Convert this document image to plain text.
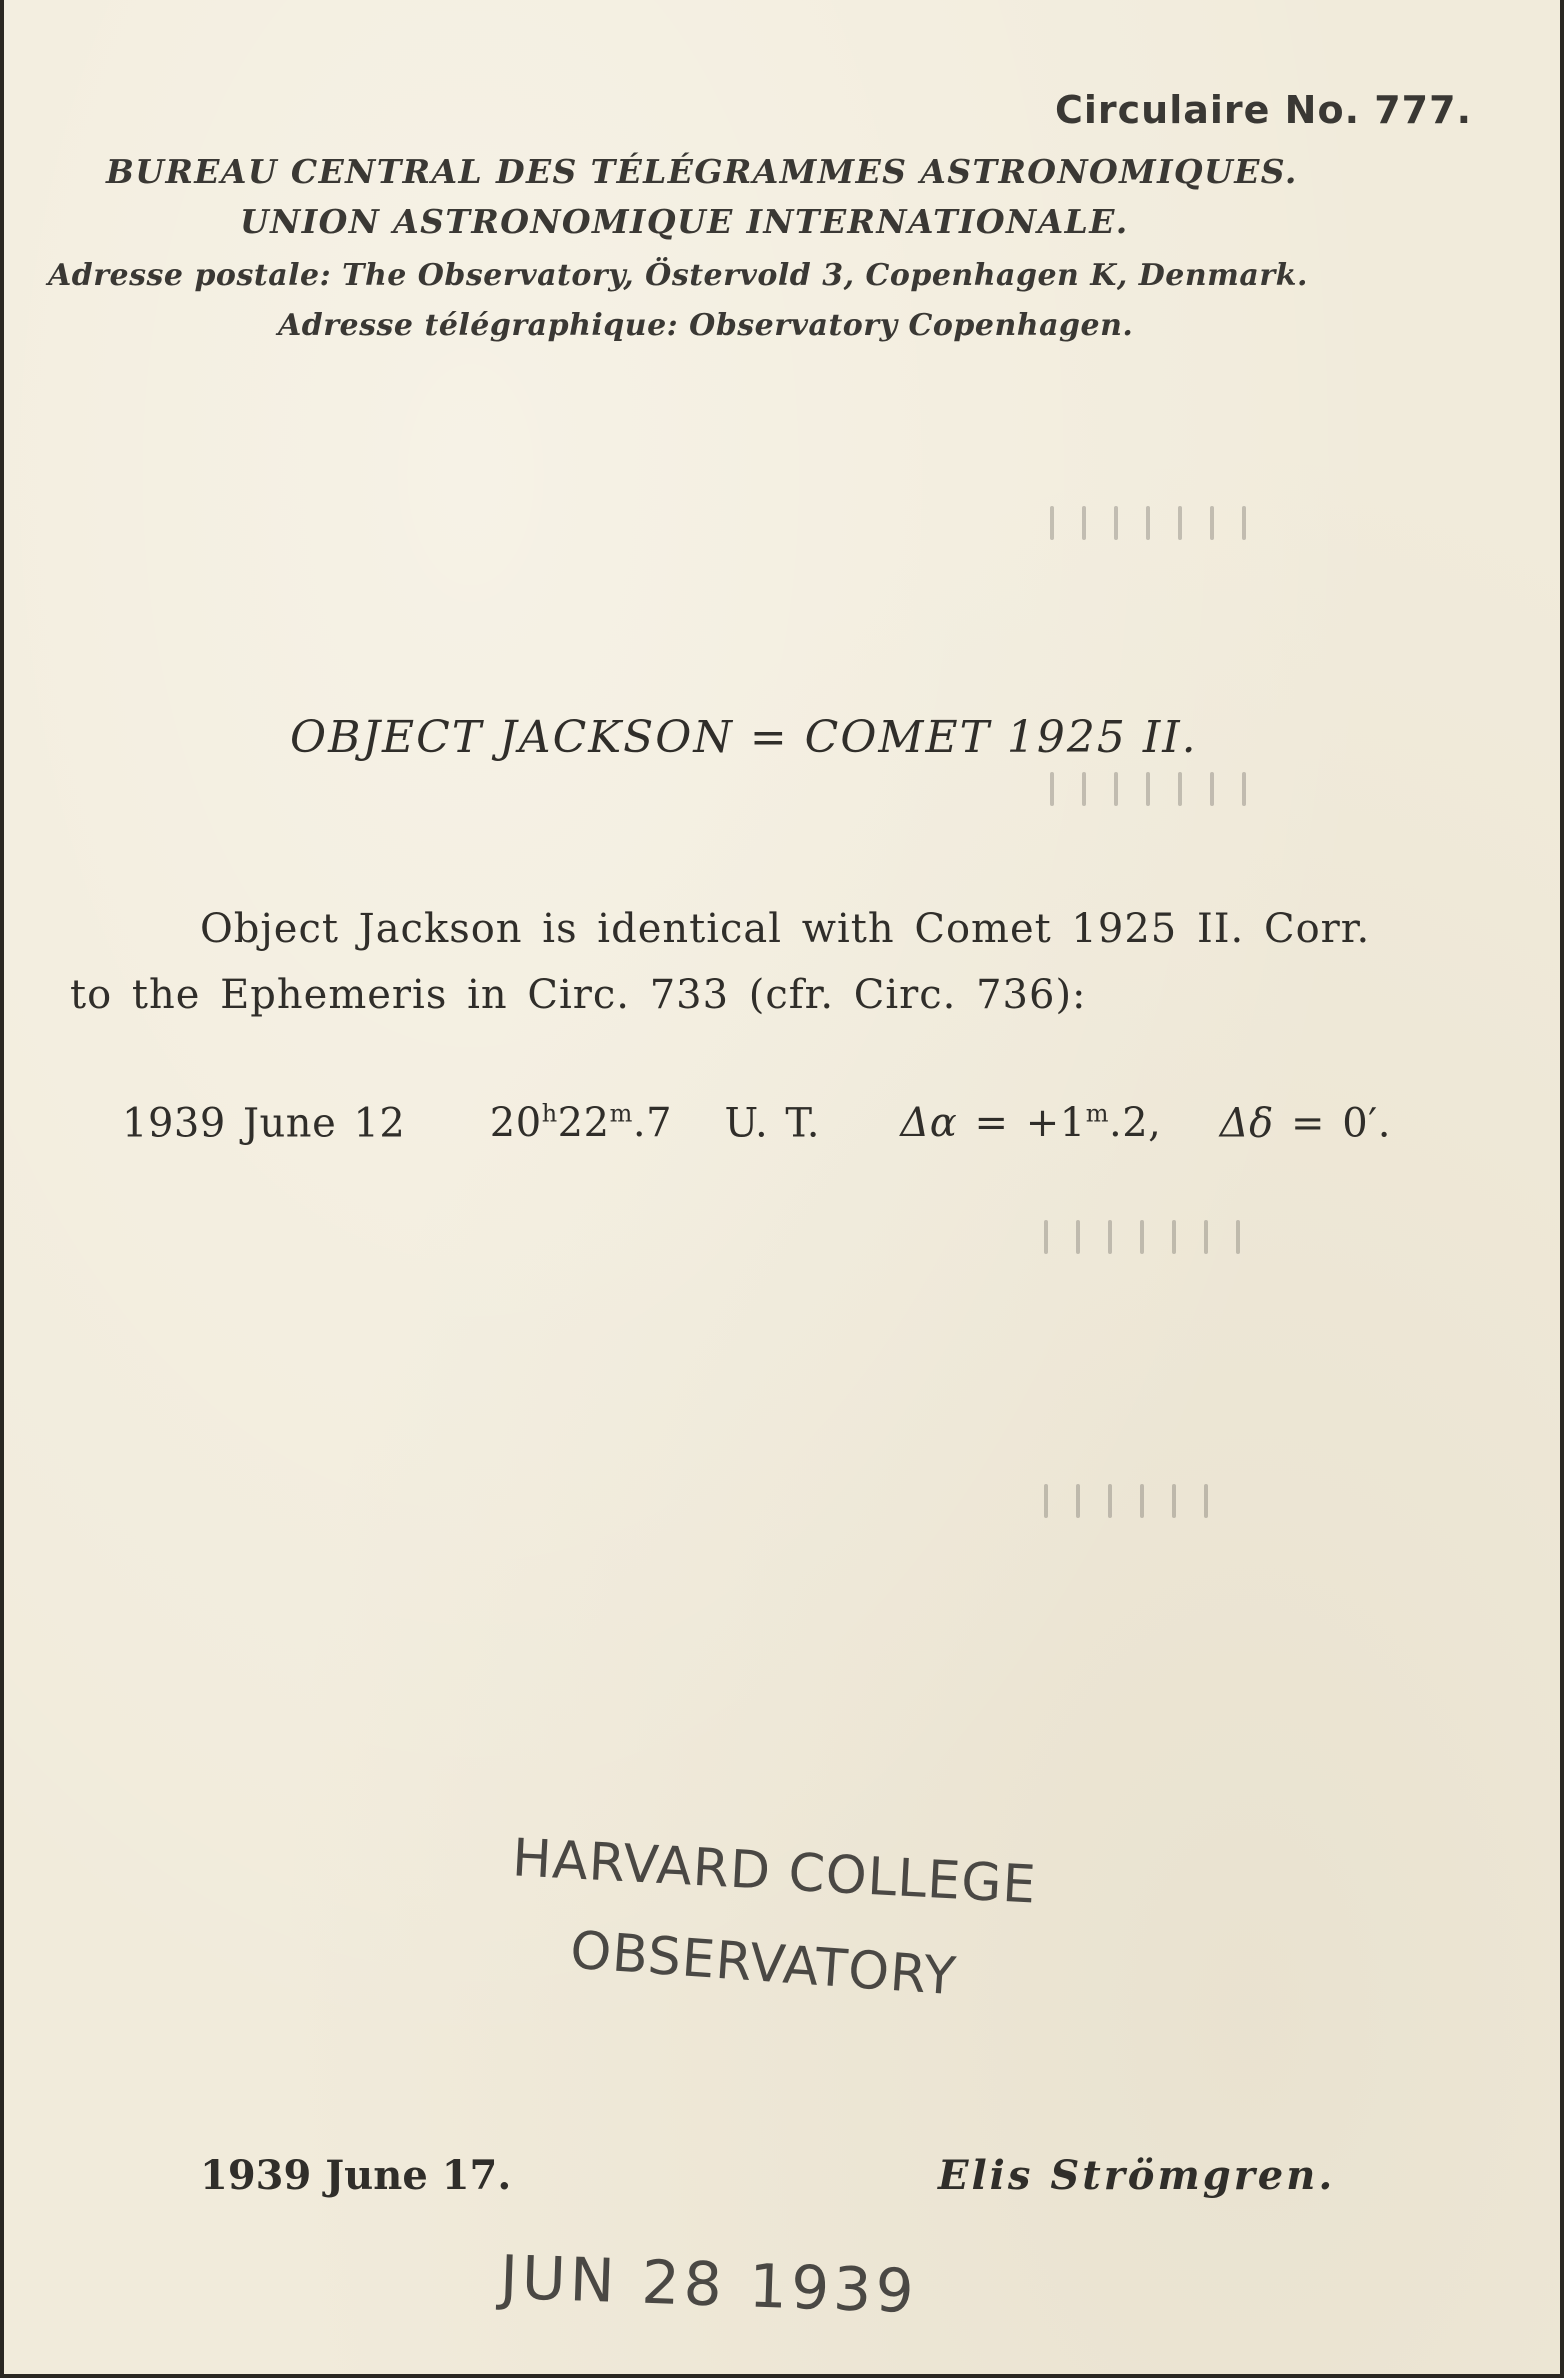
Circulaire No. 777.
BUREAU CENTRAL DES TÉLÉGRAMMES ASTRONOMIQUES.
UNION ASTRONOMIQUE INTERNATIONALE.
Adresse postale: The Observatory, Östervold 3, Copenhagen K, Denmark.
Adresse télégraphique: Observatory Copenhagen.
OBJECT JACKSON = COMET 1925 II.
Object Jackson is identical with Comet 1925 II. Corr.
to the Ephemeris in Circ. 733 (cfr. Circ. 736):
1939 June 12 20$^h$22$^m$.7 U. T. $\Delta\alpha = +1^m.2$, Δδ = 0′.
HARVARD COLLEGE
OBSERVATORY
1939 June 17.	Elis Strömgren.
JUN 28 1939
